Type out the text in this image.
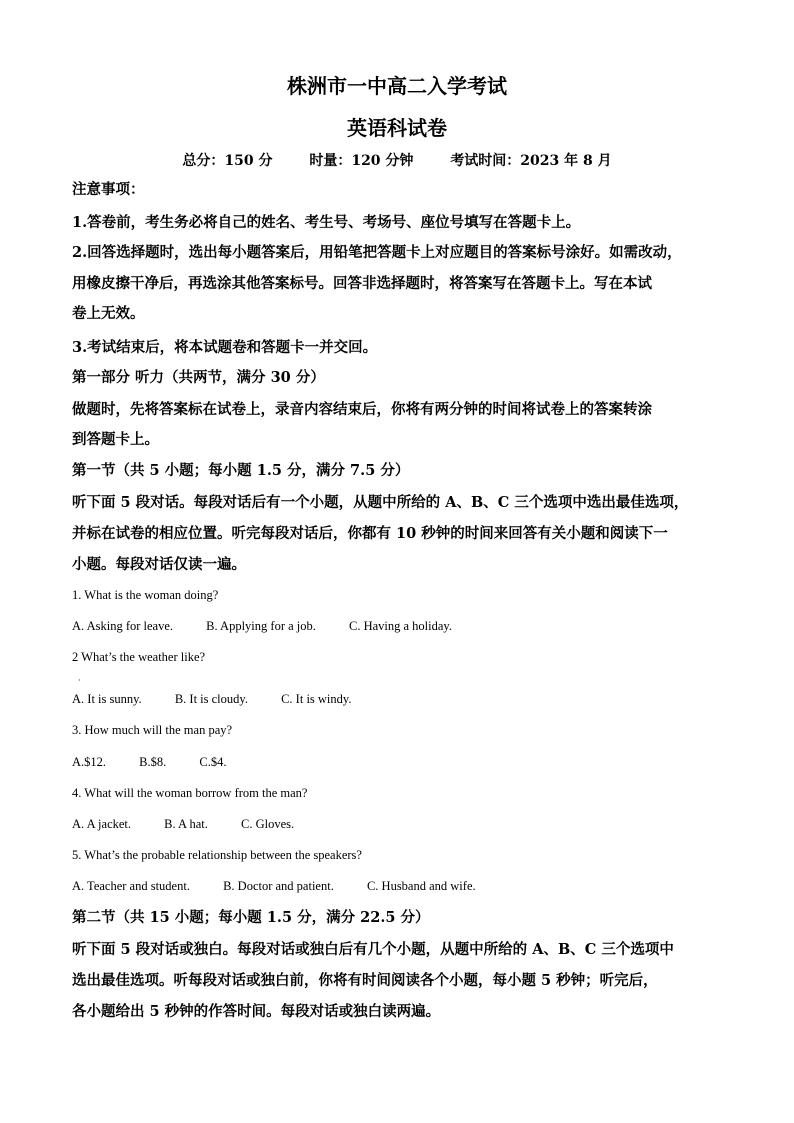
株洲市一中高二入学考试
英语科试卷
总分：150 分	时量：120 分钟	考试时间：2023 年 8 月
注意事项：
1.答卷前，考生务必将自己的姓名、考生号、考场号、座位号填写在答题卡上。
2.回答选择题时，选出每小题答案后，用铅笔把答题卡上对应题目的答案标号涂好。如需改动，
用橡皮擦干净后，再选涂其他答案标号。回答非选择题时，将答案写在答题卡上。写在本试
卷上无效。
3.考试结束后，将本试题卷和答题卡一并交回。
第一部分 听力（共两节，满分 30 分）
做题时，先将答案标在试卷上，录音内容结束后，你将有两分钟的时间将试卷上的答案转涂
到答题卡上。
第一节（共 5 小题；每小题 1.5 分，满分 7.5 分）
听下面 5 段对话。每段对话后有一个小题，从题中所给的 A、B、C 三个选项中选出最佳选项，
并标在试卷的相应位置。听完每段对话后，你都有 10 秒钟的时间来回答有关小题和阅读下一
小题。每段对话仅读一遍。
1. What is the woman doing?
A. Asking for leave.	B. Applying for a job.	C. Having a holiday.
2 What’s the weather like?
·
A. It is sunny.	B. It is cloudy.	C. It is windy.
3. How much will the man pay?
A.$12.	B.$8.	C.$4.
4. What will the woman borrow from the man?
A. A jacket.	B. A hat.	C. Gloves.
5. What’s the probable relationship between the speakers?
A. Teacher and student.	B. Doctor and patient.	C. Husband and wife.
第二节（共 15 小题；每小题 1.5 分，满分 22.5 分）
听下面 5 段对话或独白。每段对话或独白后有几个小题，从题中所给的 A、B、C 三个选项中
选出最佳选项。听每段对话或独白前，你将有时间阅读各个小题，每小题 5 秒钟；听完后，
各小题给出 5 秒钟的作答时间。每段对话或独白读两遍。
